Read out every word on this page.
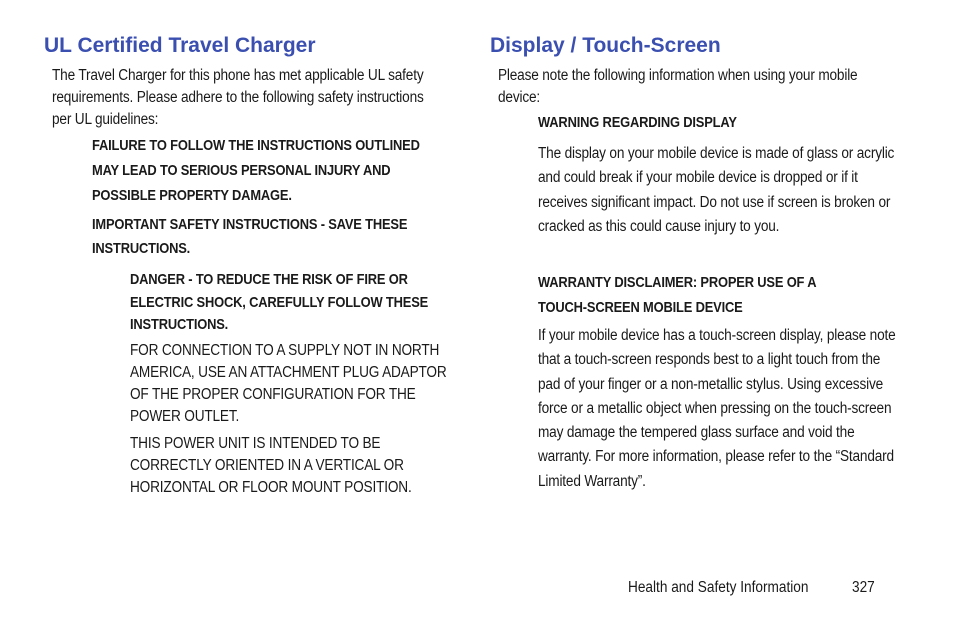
UL Certified Travel Charger

The Travel Charger for this phone has met applicable UL safety requirements. Please adhere to the following safety instructions per UL guidelines:

FAILURE TO FOLLOW THE INSTRUCTIONS OUTLINED MAY LEAD TO SERIOUS PERSONAL INJURY AND POSSIBLE PROPERTY DAMAGE.

IMPORTANT SAFETY INSTRUCTIONS - SAVE THESE INSTRUCTIONS.

DANGER - TO REDUCE THE RISK OF FIRE OR ELECTRIC SHOCK, CAREFULLY FOLLOW THESE INSTRUCTIONS.

FOR CONNECTION TO A SUPPLY NOT IN NORTH AMERICA, USE AN ATTACHMENT PLUG ADAPTOR OF THE PROPER CONFIGURATION FOR THE POWER OUTLET.

THIS POWER UNIT IS INTENDED TO BE CORRECTLY ORIENTED IN A VERTICAL OR HORIZONTAL OR FLOOR MOUNT POSITION.

Display / Touch-Screen

Please note the following information when using your mobile device:

WARNING REGARDING DISPLAY

The display on your mobile device is made of glass or acrylic and could break if your mobile device is dropped or if it receives significant impact. Do not use if screen is broken or cracked as this could cause injury to you.

WARRANTY DISCLAIMER: PROPER USE OF A TOUCH-SCREEN MOBILE DEVICE

If your mobile device has a touch-screen display, please note that a touch-screen responds best to a light touch from the pad of your finger or a non-metallic stylus. Using excessive force or a metallic object when pressing on the touch-screen may damage the tempered glass surface and void the warranty. For more information, please refer to the “Standard Limited Warranty”.

Health and Safety Information	327
